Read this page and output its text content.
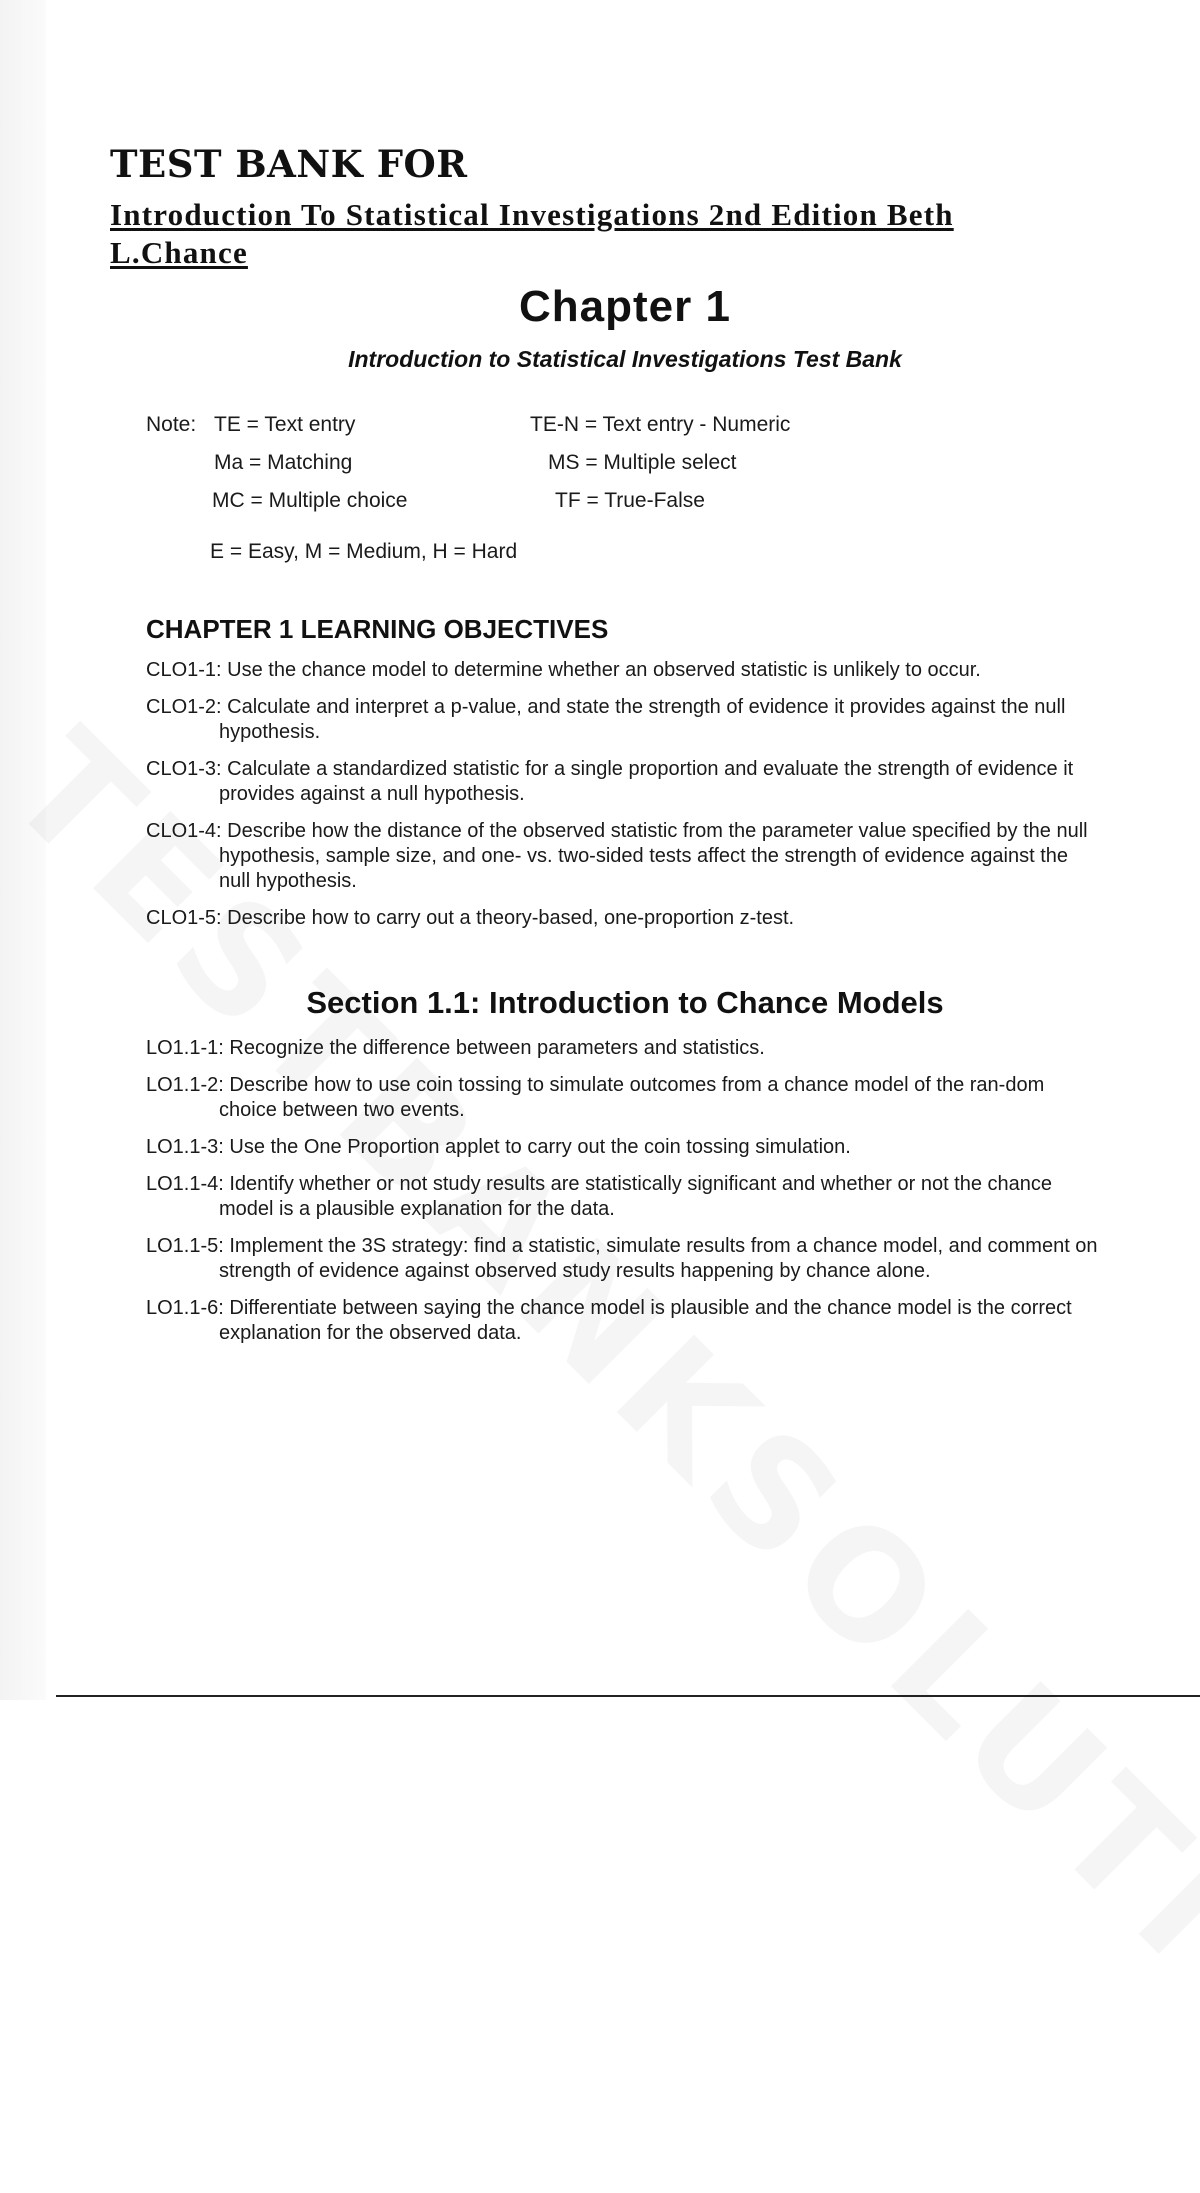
TEST BANK FOR
Introduction To Statistical Investigations 2nd Edition Beth L.Chance
Chapter 1
Introduction to Statistical Investigations Test Bank
Note: TE = Text entry
Ma = Matching
MC = Multiple choice
TE-N = Text entry - Numeric
MS = Multiple select
TF = True-False
E = Easy, M = Medium, H = Hard
CHAPTER 1 LEARNING OBJECTIVES
CLO1-1: Use the chance model to determine whether an observed statistic is unlikely to occur.
CLO1-2: Calculate and interpret a p-value, and state the strength of evidence it provides against the null hypothesis.
CLO1-3: Calculate a standardized statistic for a single proportion and evaluate the strength of evidence it provides against a null hypothesis.
CLO1-4: Describe how the distance of the observed statistic from the parameter value specified by the null hypothesis, sample size, and one- vs. two-sided tests affect the strength of evidence against the null hypothesis.
CLO1-5: Describe how to carry out a theory-based, one-proportion z-test.
Section 1.1: Introduction to Chance Models
LO1.1-1: Recognize the difference between parameters and statistics.
LO1.1-2: Describe how to use coin tossing to simulate outcomes from a chance model of the ran-dom choice between two events.
LO1.1-3: Use the One Proportion applet to carry out the coin tossing simulation.
LO1.1-4: Identify whether or not study results are statistically significant and whether or not the chance model is a plausible explanation for the data.
LO1.1-5: Implement the 3S strategy: find a statistic, simulate results from a chance model, and comment on strength of evidence against observed study results happening by chance alone.
LO1.1-6: Differentiate between saying the chance model is plausible and the chance model is the correct explanation for the observed data.
